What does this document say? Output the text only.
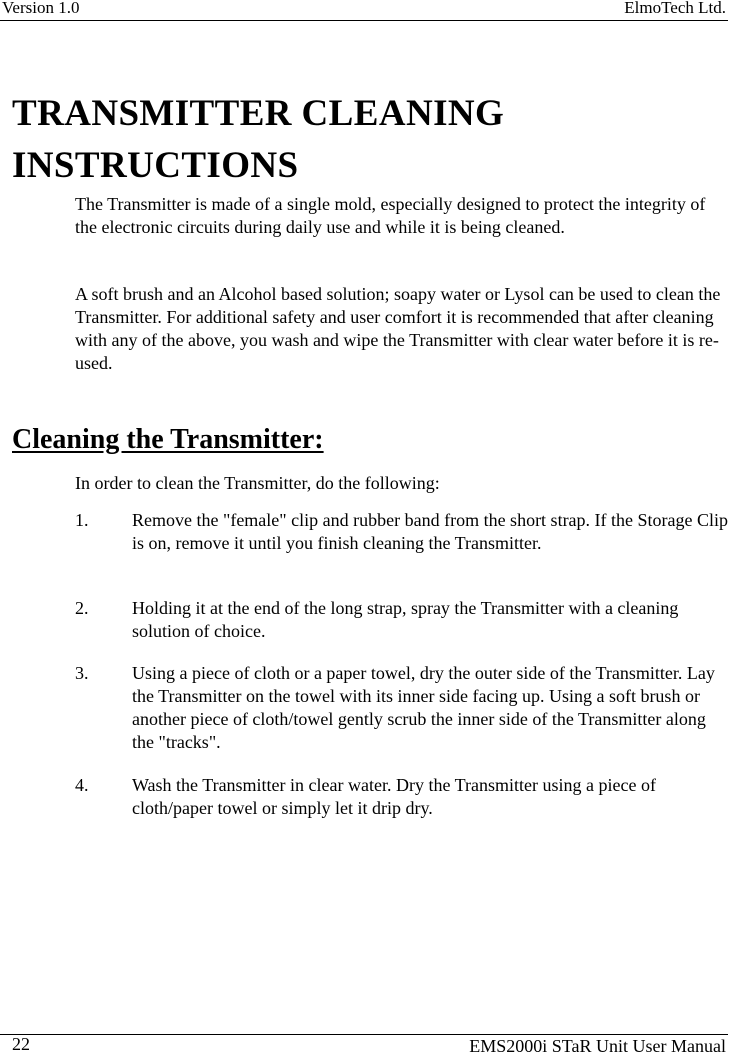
Version 1.0	ElmoTech Ltd.
TRANSMITTER CLEANING INSTRUCTIONS

The Transmitter is made of a single mold, especially designed to protect the integrity of the electronic circuits during daily use and while it is being cleaned.

A soft brush and an Alcohol based solution; soapy water or Lysol can be used to clean the Transmitter. For additional safety and user comfort it is recommended that after cleaning with any of the above, you wash and wipe the Transmitter with clear water before it is re-used.

Cleaning the Transmitter:

In order to clean the Transmitter, do the following:

1. Remove the "female" clip and rubber band from the short strap. If the Storage Clip is on, remove it until you finish cleaning the Transmitter.
2. Holding it at the end of the long strap, spray the Transmitter with a cleaning solution of choice.
3. Using a piece of cloth or a paper towel, dry the outer side of the Transmitter. Lay the Transmitter on the towel with its inner side facing up. Using a soft brush or another piece of cloth/towel gently scrub the inner side of the Transmitter along the "tracks".
4. Wash the Transmitter in clear water. Dry the Transmitter using a piece of cloth/paper towel or simply let it drip dry.
22	EMS2000i STaR Unit User Manual
